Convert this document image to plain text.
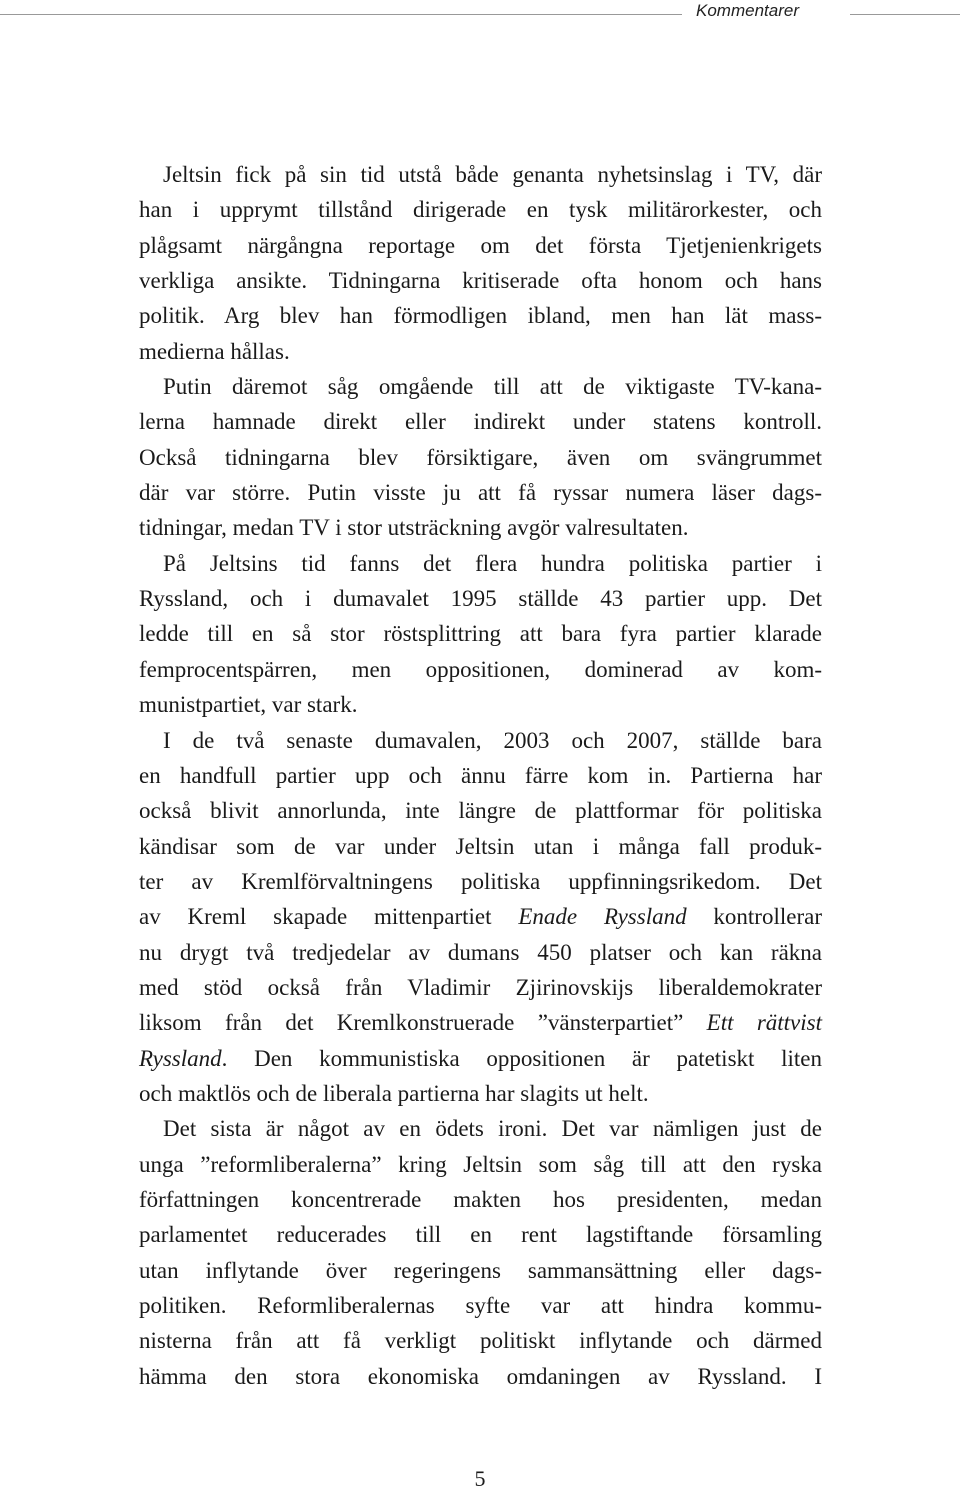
Kommentarer
Jeltsin fick på sin tid utstå både genanta nyhetsinslag i TV, där
han i upprymt tillstånd dirigerade en tysk militärorkester, och
plågsamt närgångna reportage om det första Tjetjenienkrigets
verkliga ansikte. Tidningarna kritiserade ofta honom och hans
politik. Arg blev han förmodligen ibland, men han lät mass-
medierna hållas.
Putin däremot såg omgående till att de viktigaste TV-kana-
lerna hamnade direkt eller indirekt under statens kontroll.
Också tidningarna blev försiktigare, även om svängrummet
där var större. Putin visste ju att få ryssar numera läser dags-
tidningar, medan TV i stor utsträckning avgör valresultaten.
På Jeltsins tid fanns det flera hundra politiska partier i
Ryssland, och i dumavalet 1995 ställde 43 partier upp. Det
ledde till en så stor röstsplittring att bara fyra partier klarade
femprocentspärren, men oppositionen, dominerad av kom-
munistpartiet, var stark.
I de två senaste dumavalen, 2003 och 2007, ställde bara
en handfull partier upp och ännu färre kom in. Partierna har
också blivit annorlunda, inte längre de plattformar för politiska
kändisar som de var under Jeltsin utan i många fall produk-
ter av Kremlförvaltningens politiska uppfinningsrikedom. Det
av Kreml skapade mittenpartiet Enade Ryssland kontrollerar
nu drygt två tredjedelar av dumans 450 platser och kan räkna
med stöd också från Vladimir Zjirinovskijs liberaldemokrater
liksom från det Kremlkonstruerade ”vänsterpartiet” Ett rättvist
Ryssland. Den kommunistiska oppositionen är patetiskt liten
och maktlös och de liberala partierna har slagits ut helt.
Det sista är något av en ödets ironi. Det var nämligen just de
unga ”reformliberalerna” kring Jeltsin som såg till att den ryska
författningen koncentrerade makten hos presidenten, medan
parlamentet reducerades till en rent lagstiftande församling
utan inflytande över regeringens sammansättning eller dags-
politiken. Reformliberalernas syfte var att hindra kommu-
nisterna från att få verkligt politiskt inflytande och därmed
hämma den stora ekonomiska omdaningen av Ryssland. I
5
